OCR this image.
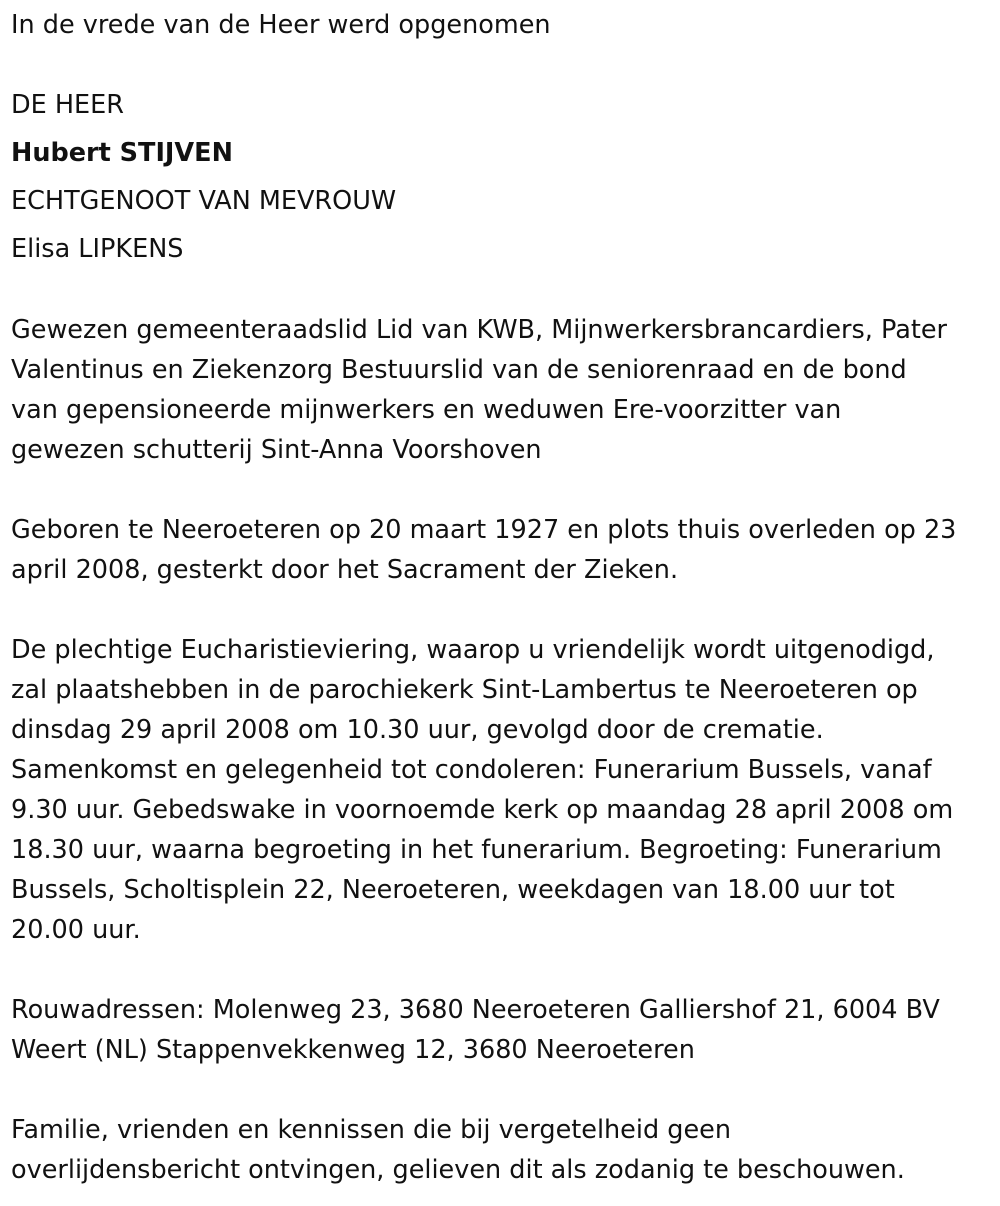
In de vrede van de Heer werd opgenomen
DE HEER
Hubert STIJVEN
ECHTGENOOT VAN MEVROUW
Elisa LIPKENS
Gewezen gemeenteraadslid Lid van KWB, Mijnwerkersbrancardiers, Pater
Valentinus en Ziekenzorg Bestuurslid van de seniorenraad en de bond
van gepensioneerde mijnwerkers en weduwen Ere-voorzitter van
gewezen schutterij Sint-Anna Voorshoven
Geboren te Neeroeteren op 20 maart 1927 en plots thuis overleden op 23
april 2008, gesterkt door het Sacrament der Zieken.
De plechtige Eucharistieviering, waarop u vriendelijk wordt uitgenodigd,
zal plaatshebben in de parochiekerk Sint-Lambertus te Neeroeteren op
dinsdag 29 april 2008 om 10.30 uur, gevolgd door de crematie.
Samenkomst en gelegenheid tot condoleren: Funerarium Bussels, vanaf
9.30 uur. Gebedswake in voornoemde kerk op maandag 28 april 2008 om
18.30 uur, waarna begroeting in het funerarium. Begroeting: Funerarium
Bussels, Scholtisplein 22, Neeroeteren, weekdagen van 18.00 uur tot
20.00 uur.
Rouwadressen: Molenweg 23, 3680 Neeroeteren Galliershof 21, 6004 BV
Weert (NL) Stappenvekkenweg 12, 3680 Neeroeteren
Familie, vrienden en kennissen die bij vergetelheid geen
overlijdensbericht ontvingen, gelieven dit als zodanig te beschouwen.
